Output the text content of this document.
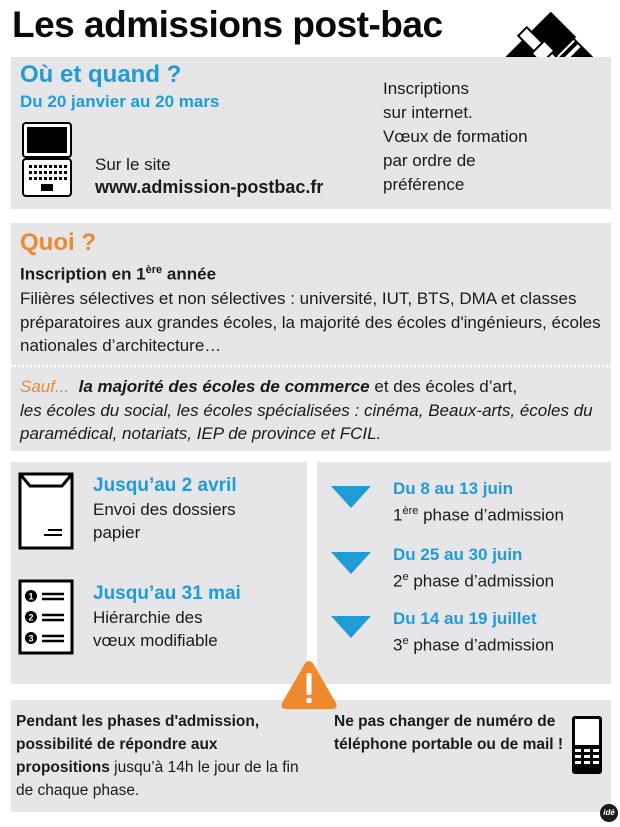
Les admissions post-bac
Où et quand ?
Du 20 janvier au 20 mars
Sur le site
www.admission-postbac.fr
Inscriptions
sur internet.
Vœux de formation
par ordre de
préférence
Quoi ?
Inscription en 1ère année
Filières sélectives et non sélectives : université, IUT, BTS, DMA et classes préparatoires aux grandes écoles, la majorité des écoles d'ingénieurs, écoles nationales d’architecture…
Sauf... la majorité des écoles de commerce et des écoles d’art,
les écoles du social, les écoles spécialisées : cinéma, Beaux-arts, écoles du paramédical, notariats, IEP de province et FCIL.
Jusqu’au 2 avril
Envoi des dossiers
papier
1
2
3
Jusqu’au 31 mai
Hiérarchie des
vœux modifiable
Du 8 au 13 juin
1ère phase d’admission
Du 25 au 30 juin
2e phase d’admission
Du 14 au 19 juillet
3e phase d’admission
Pendant les phases d'admission, possibilité de répondre aux propositions jusqu’à 14h le jour de la fin de chaque phase.
Ne pas changer de numéro de téléphone portable ou de mail !
idé
